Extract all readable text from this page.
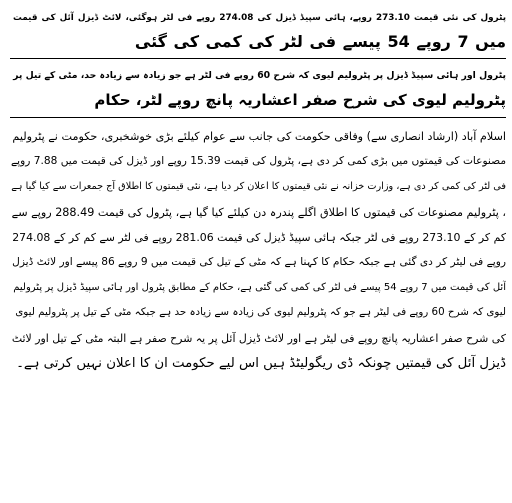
پٹرول کی نئی قیمت 273.10 روپے، ہائی سپیڈ ڈیزل کی 274.08 روپے فی لٹر ہوگئی، لائٹ ڈیزل آئل کی قیمت
میں 7 روپے 54 پیسے فی لٹر کی کمی کی گئی
پٹرول اور ہائی سپیڈ ڈیزل پر پٹرولیم لیوی کہ شرح 60 روپے فی لٹر ہے جو زیادہ سے زیادہ حد، مٹی کے تیل پر
پٹرولیم لیوی کی شرح صفر اعشاریہ پانچ روپے لٹر، حکام
اسلام آباد (ارشاد انصاری سے) وفاقی حکومت کی جانب سے عوام کیلئے بڑی خوشخبری، حکومت نے پٹرولیم
مصنوعات کی قیمتوں میں بڑی کمی کر دی ہے، پٹرول کی قیمت 15.39 روپے اور ڈیزل کی قیمت میں 7.88 روپے
فی لٹر کی کمی کر دی ہے، وزارت خزانہ نے نئی قیمتوں کا اعلان کر دیا ہے، نئی قیمتوں کا اطلاق آج جمعرات سے کیا گیا ہے
، پٹرولیم مصنوعات کی قیمتوں کا اطلاق اگلے پندرہ دن کیلئے کیا گیا ہے، پٹرول کی قیمت 288.49 روپے سے
کم کر کے 273.10 روپے فی لٹر جبکہ ہائی سپیڈ ڈیزل کی قیمت 281.06 روپے فی لٹر سے کم کر کے 274.08
روپے فی لیٹر کر دی گئی ہے جبکہ حکام کا کہنا ہے کہ مٹی کے تیل کی قیمت میں 9 روپے 86 پیسے اور لائٹ ڈیزل
آئل کی قیمت میں 7 روپے 54 پیسے فی لٹر کی کمی کی گئی ہے، حکام کے مطابق پٹرول اور ہائی سپیڈ ڈیزل پر پٹرولیم
لیوی کہ شرح 60 روپے فی لیٹر ہے جو کہ پٹرولیم لیوی کی زیادہ سے زیادہ حد ہے جبکہ مٹی کے تیل پر پٹرولیم لیوی
کی شرح صفر اعشاریہ پانچ روپے فی لیٹر ہے اور لائٹ ڈیزل آئل پر یہ شرح صفر ہے البتہ مٹی کے تیل اور لائٹ
ڈیزل آئل کی قیمتیں چونکہ ڈی ریگولیٹڈ ہیں اس لیے حکومت ان کا اعلان نہیں کرتی ہے۔
